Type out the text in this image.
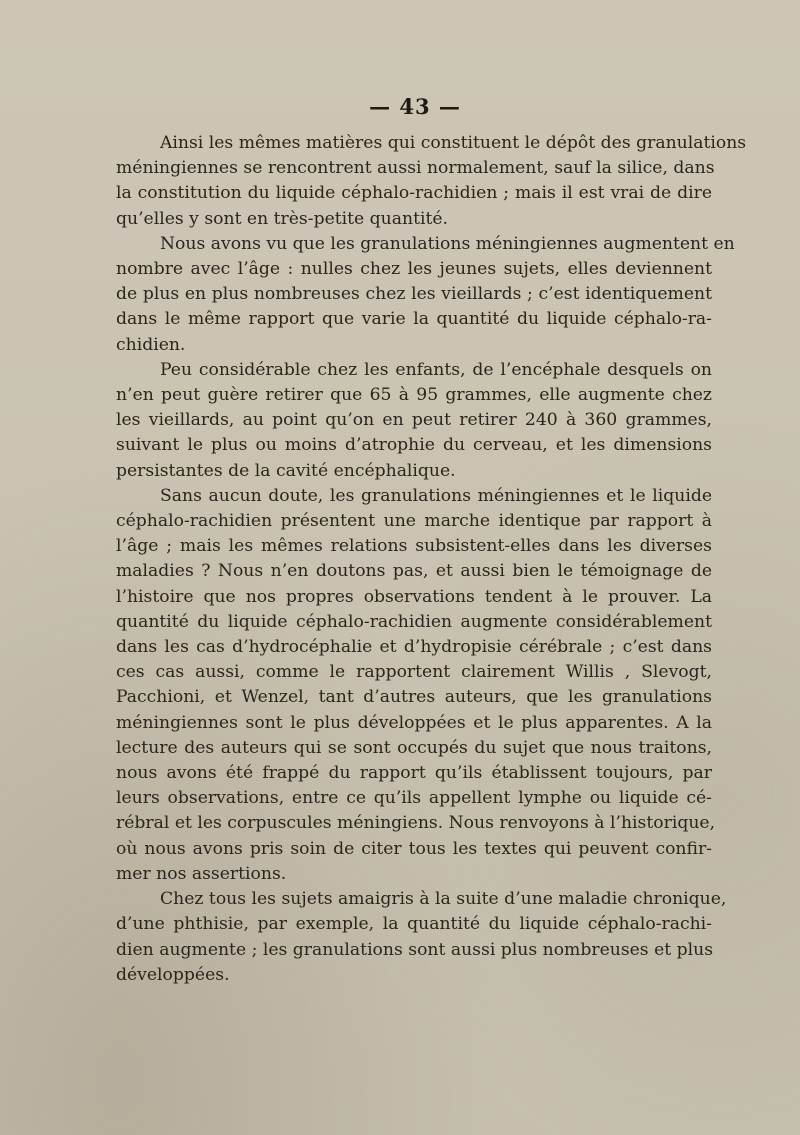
— 43 —
Ainsi les mêmes matières qui constituent le dépôt des granulations
méningiennes se rencontrent aussi normalement, sauf la silice, dans
la constitution du liquide céphalo-rachidien ; mais il est vrai de dire
qu’elles y sont en très-petite quantité.
Nous avons vu que les granulations méningiennes augmentent en
nombre avec l’âge : nulles chez les jeunes sujets, elles deviennent
de plus en plus nombreuses chez les vieillards ; c’est identiquement
dans le même rapport que varie la quantité du liquide céphalo-ra-
chidien.
Peu considérable chez les enfants, de l’encéphale desquels on
n’en peut guère retirer que 65 à 95 grammes, elle augmente chez
les vieillards, au point qu’on en peut retirer 240 à 360 grammes,
suivant le plus ou moins d’atrophie du cerveau, et les dimensions
persistantes de la cavité encéphalique.
Sans aucun doute, les granulations méningiennes et le liquide
céphalo-rachidien présentent une marche identique par rapport à
l’âge ; mais les mêmes relations subsistent-elles dans les diverses
maladies ? Nous n’en doutons pas, et aussi bien le témoignage de
l’histoire que nos propres observations tendent à le prouver. La
quantité du liquide céphalo-rachidien augmente considérablement
dans les cas d’hydrocéphalie et d’hydropisie cérébrale ; c’est dans
ces cas aussi, comme le rapportent clairement Willis , Slevogt,
Pacchioni, et Wenzel, tant d’autres auteurs, que les granulations
méningiennes sont le plus développées et le plus apparentes. A la
lecture des auteurs qui se sont occupés du sujet que nous traitons,
nous avons été frappé du rapport qu’ils établissent toujours, par
leurs observations, entre ce qu’ils appellent lymphe ou liquide cé-
rébral et les corpuscules méningiens. Nous renvoyons à l’historique,
où nous avons pris soin de citer tous les textes qui peuvent confir-
mer nos assertions.
Chez tous les sujets amaigris à la suite d’une maladie chronique,
d’une phthisie, par exemple, la quantité du liquide céphalo-rachi-
dien augmente ; les granulations sont aussi plus nombreuses et plus
développées.
